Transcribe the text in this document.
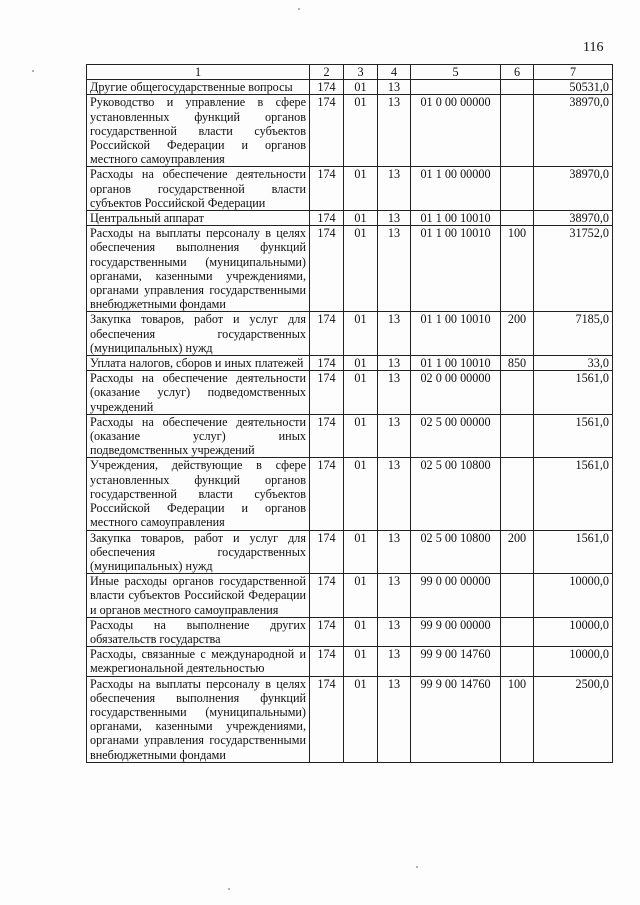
116
1	2	3	4	5	6	7
Другие общегосударственные вопросы	174	01	13			50531,0
Руководство и управление в сфере установленных функций органов государственной власти субъектов Российской Федерации и органов местного самоуправления	174	01	13	01 0 00 00000		38970,0
Расходы на обеспечение деятельности органов государственной власти субъектов Российской Федерации	174	01	13	01 1 00 00000		38970,0
Центральный аппарат	174	01	13	01 1 00 10010		38970,0
Расходы на выплаты персоналу в целях обеспечения выполнения функций государственными (муниципальными) органами, казенными учреждениями, органами управления государственными внебюджетными фондами	174	01	13	01 1 00 10010	100	31752,0
Закупка товаров, работ и услуг для обеспечения государственных (муниципальных) нужд	174	01	13	01 1 00 10010	200	7185,0
Уплата налогов, сборов и иных платежей	174	01	13	01 1 00 10010	850	33,0
Расходы на обеспечение деятельности (оказание услуг) подведомственных учреждений	174	01	13	02 0 00 00000		1561,0
Расходы на обеспечение деятельности (оказание услуг) иных подведомственных учреждений	174	01	13	02 5 00 00000		1561,0
Учреждения, действующие в сфере установленных функций органов государственной власти субъектов Российской Федерации и органов местного самоуправления	174	01	13	02 5 00 10800		1561,0
Закупка товаров, работ и услуг для обеспечения государственных (муниципальных) нужд	174	01	13	02 5 00 10800	200	1561,0
Иные расходы органов государственной власти субъектов Российской Федерации и органов местного самоуправления	174	01	13	99 0 00 00000		10000,0
Расходы на выполнение других обязательств государства	174	01	13	99 9 00 00000		10000,0
Расходы, связанные с международной и межрегиональной деятельностью	174	01	13	99 9 00 14760		10000,0
Расходы на выплаты персоналу в целях обеспечения выполнения функций государственными (муниципальными) органами, казенными учреждениями, органами управления государственными внебюджетными фондами	174	01	13	99 9 00 14760	100	2500,0
